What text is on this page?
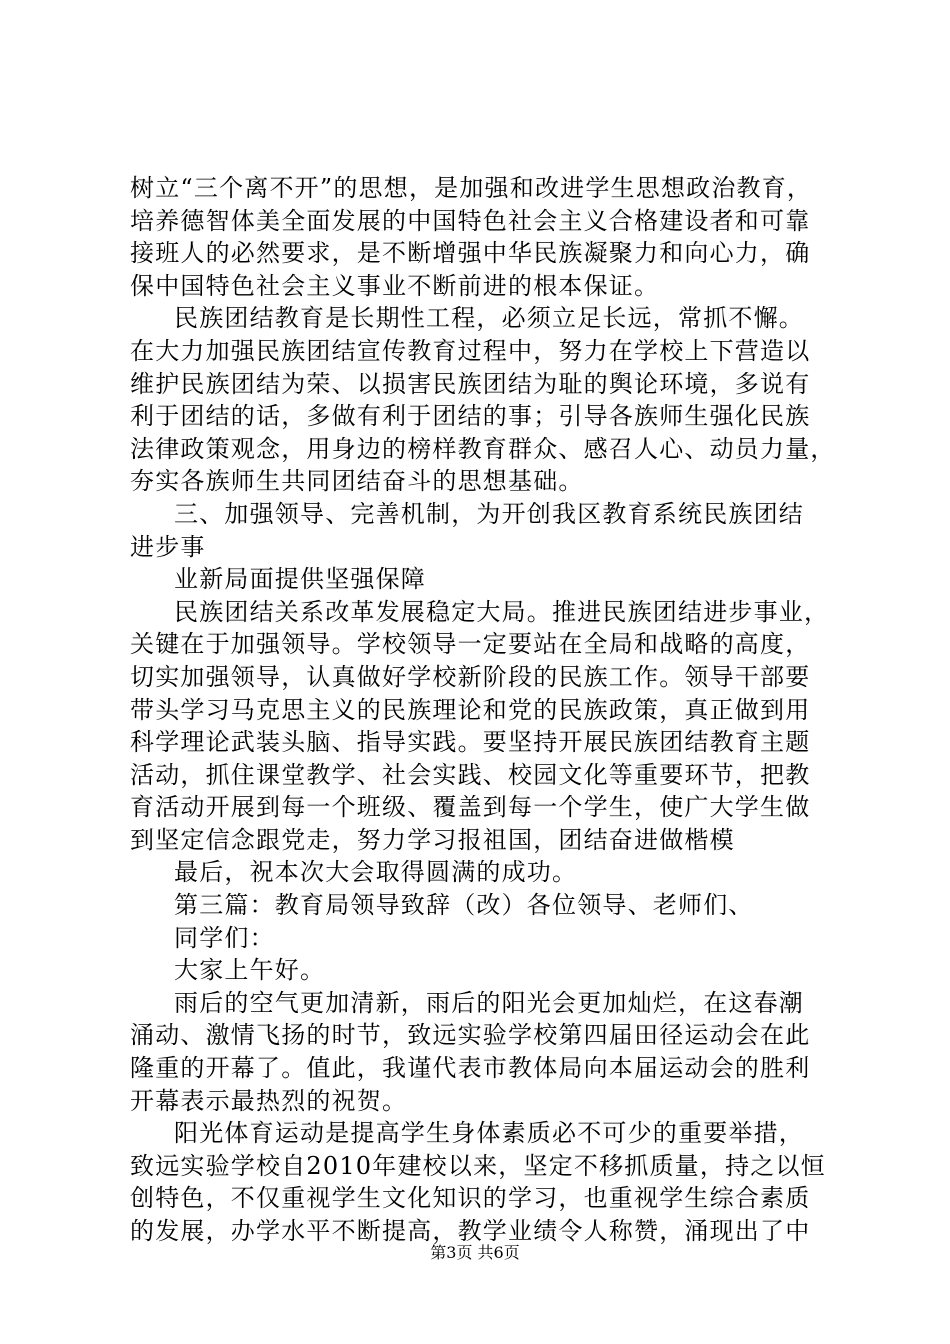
树立“三个离不开”的思想，是加强和改进学生思想政治教育，
培养德智体美全面发展的中国特色社会主义合格建设者和可靠
接班人的必然要求，是不断增强中华民族凝聚力和向心力，确
保中国特色社会主义事业不断前进的根本保证。
民族团结教育是长期性工程，必须立足长远，常抓不懈。
在大力加强民族团结宣传教育过程中，努力在学校上下营造以
维护民族团结为荣、以损害民族团结为耻的舆论环境，多说有
利于团结的话，多做有利于团结的事；引导各族师生强化民族
法律政策观念，用身边的榜样教育群众、感召人心、动员力量，
夯实各族师生共同团结奋斗的思想基础。
三、加强领导、完善机制，为开创我区教育系统民族团结
进步事
业新局面提供坚强保障
民族团结关系改革发展稳定大局。推进民族团结进步事业，
关键在于加强领导。学校领导一定要站在全局和战略的高度，
切实加强领导，认真做好学校新阶段的民族工作。领导干部要
带头学习马克思主义的民族理论和党的民族政策，真正做到用
科学理论武装头脑、指导实践。要坚持开展民族团结教育主题
活动，抓住课堂教学、社会实践、校园文化等重要环节，把教
育活动开展到每一个班级、覆盖到每一个学生，使广大学生做
到坚定信念跟党走，努力学习报祖国，团结奋进做楷模
最后，祝本次大会取得圆满的成功。
第三篇：教育局领导致辞（改）各位领导、老师们、
同学们：
大家上午好。
雨后的空气更加清新，雨后的阳光会更加灿烂，在这春潮
涌动、激情飞扬的时节，致远实验学校第四届田径运动会在此
隆重的开幕了。值此，我谨代表市教体局向本届运动会的胜利
开幕表示最热烈的祝贺。
阳光体育运动是提高学生身体素质必不可少的重要举措，
致远实验学校自2010年建校以来，坚定不移抓质量，持之以恒
创特色，不仅重视学生文化知识的学习，也重视学生综合素质
的发展，办学水平不断提高，教学业绩令人称赞，涌现出了中
第3页 共6页
